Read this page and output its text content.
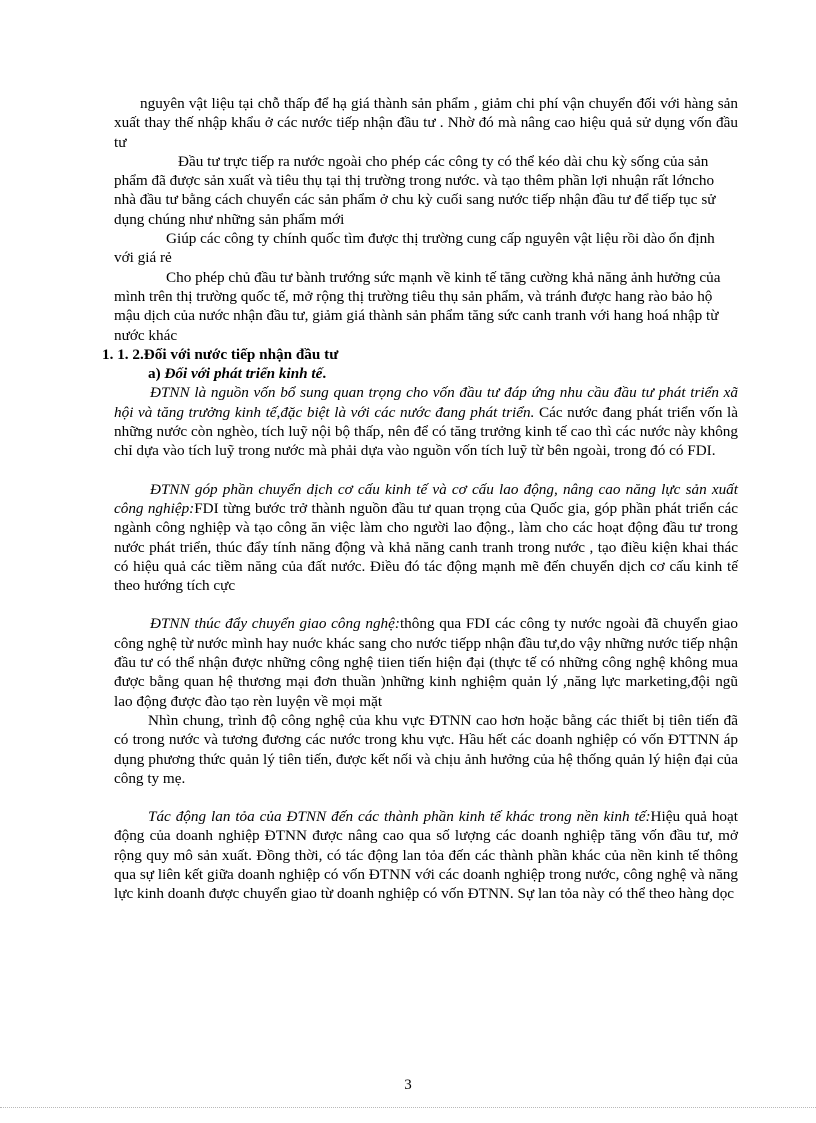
nguyên vật liệu tại chỗ thấp để hạ giá thành sản phẩm , giảm chi phí vận chuyển đối với hàng sản xuất thay thế nhập khẩu ở các nước tiếp nhận đầu tư . Nhờ đó mà nâng cao hiệu quả sử dụng vốn đầu tư

Đầu tư trực tiếp ra nước ngoài cho phép các công ty có thể kéo dài chu kỳ sống của sản phẩm đã được sản xuất và tiêu thụ tại thị trường trong nước. và tạo thêm phần lợi nhuận rất lớncho nhà đầu tư bằng cách chuyển các sản phẩm ở chu kỳ cuối sang nước tiếp nhận đầu tư để tiếp tục sử dụng chúng như những sản phẩm mới

Giúp các công ty chính quốc tìm được thị trường cung cấp nguyên vật liệu rồi dào ổn định với giá rẻ

Cho phép chủ đầu tư bành trướng sức mạnh về kinh tế tăng cường khả năng ảnh hưởng của mình trên thị trường quốc tế, mở rộng thị trường tiêu thụ sản phẩm, và tránh được hang rào bảo hộ mậu dịch của nước nhận đầu tư, giảm giá thành sản phẩm tăng sức canh tranh với hang hoá nhập từ nước khác

1. 1. 2.Đối với nước tiếp nhận đầu tư

a) Đối với phát triển kinh tế.

ĐTNN là nguồn vốn bổ sung quan trọng cho vốn đầu tư đáp ứng nhu cầu đầu tư phát triển xã hội và tăng trưởng kinh tế,đặc biệt là với các nước đang phát triển. Các nước đang phát triển vốn là những nước còn nghèo, tích luỹ nội bộ thấp, nên để có tăng trưởng kinh tế cao thì các nước này không chỉ dựa vào tích luỹ trong nước mà phải dựa vào nguồn vốn tích luỹ từ bên ngoài, trong đó có FDI.

ĐTNN góp phần chuyển dịch cơ cấu kinh tế và cơ cấu lao động, nâng cao năng lực sản xuất công nghiệp:FDI từng bước trở thành nguồn đầu tư quan trọng của Quốc gia, góp phần phát triển các ngành công nghiệp và tạo công ăn việc làm cho người lao động., làm cho các hoạt động đầu tư trong nước phát triển, thúc đẩy tính năng động và khả năng canh tranh trong nước , tạo điều kiện khai thác có hiệu quả các tiềm năng của đất nước. Điều đó tác động mạnh mẽ đến chuyển dịch cơ cấu kinh tế theo hướng tích cực

ĐTNN thúc đẩy chuyển giao công nghệ:thông qua FDI các công ty nước ngoài đã chuyển giao công nghệ từ nước mình hay nuớc khác sang cho nước tiếpp nhận đầu tư,do vậy những nước tiếp nhận đầu tư có thể nhận được những công nghệ tiien tiến hiện đại (thực tế có những công nghệ không mua được bằng quan hệ thương mại đơn thuần )những kinh nghiệm quản lý ,năng lực marketing,đội ngũ lao động được đào tạo rèn luyện về mọi mặt

Nhìn chung, trình độ công nghệ của khu vực ĐTNN cao hơn hoặc bằng các thiết bị tiên tiến đã có trong nước và tương đương các nước trong khu vực. Hầu hết các doanh nghiệp có vốn ĐTTNN áp dụng phương thức quản lý tiên tiến, được kết nối và chịu ảnh hưởng của hệ thống quản lý hiện đại của công ty mẹ.

Tác động lan tỏa của ĐTNN đến các thành phần kinh tế khác trong nền kinh tế:Hiệu quả hoạt động của doanh nghiệp ĐTNN được nâng cao qua số lượng các doanh nghiệp tăng vốn đầu tư, mở rộng quy mô sản xuất. Đồng thời, có tác động lan tỏa đến các thành phần khác của nền kinh tế thông qua sự liên kết giữa doanh nghiệp có vốn ĐTNN với các doanh nghiệp trong nước, công nghệ và năng lực kinh doanh được chuyển giao từ doanh nghiệp có vốn ĐTNN. Sự lan tỏa này có thể theo hàng dọc

3
